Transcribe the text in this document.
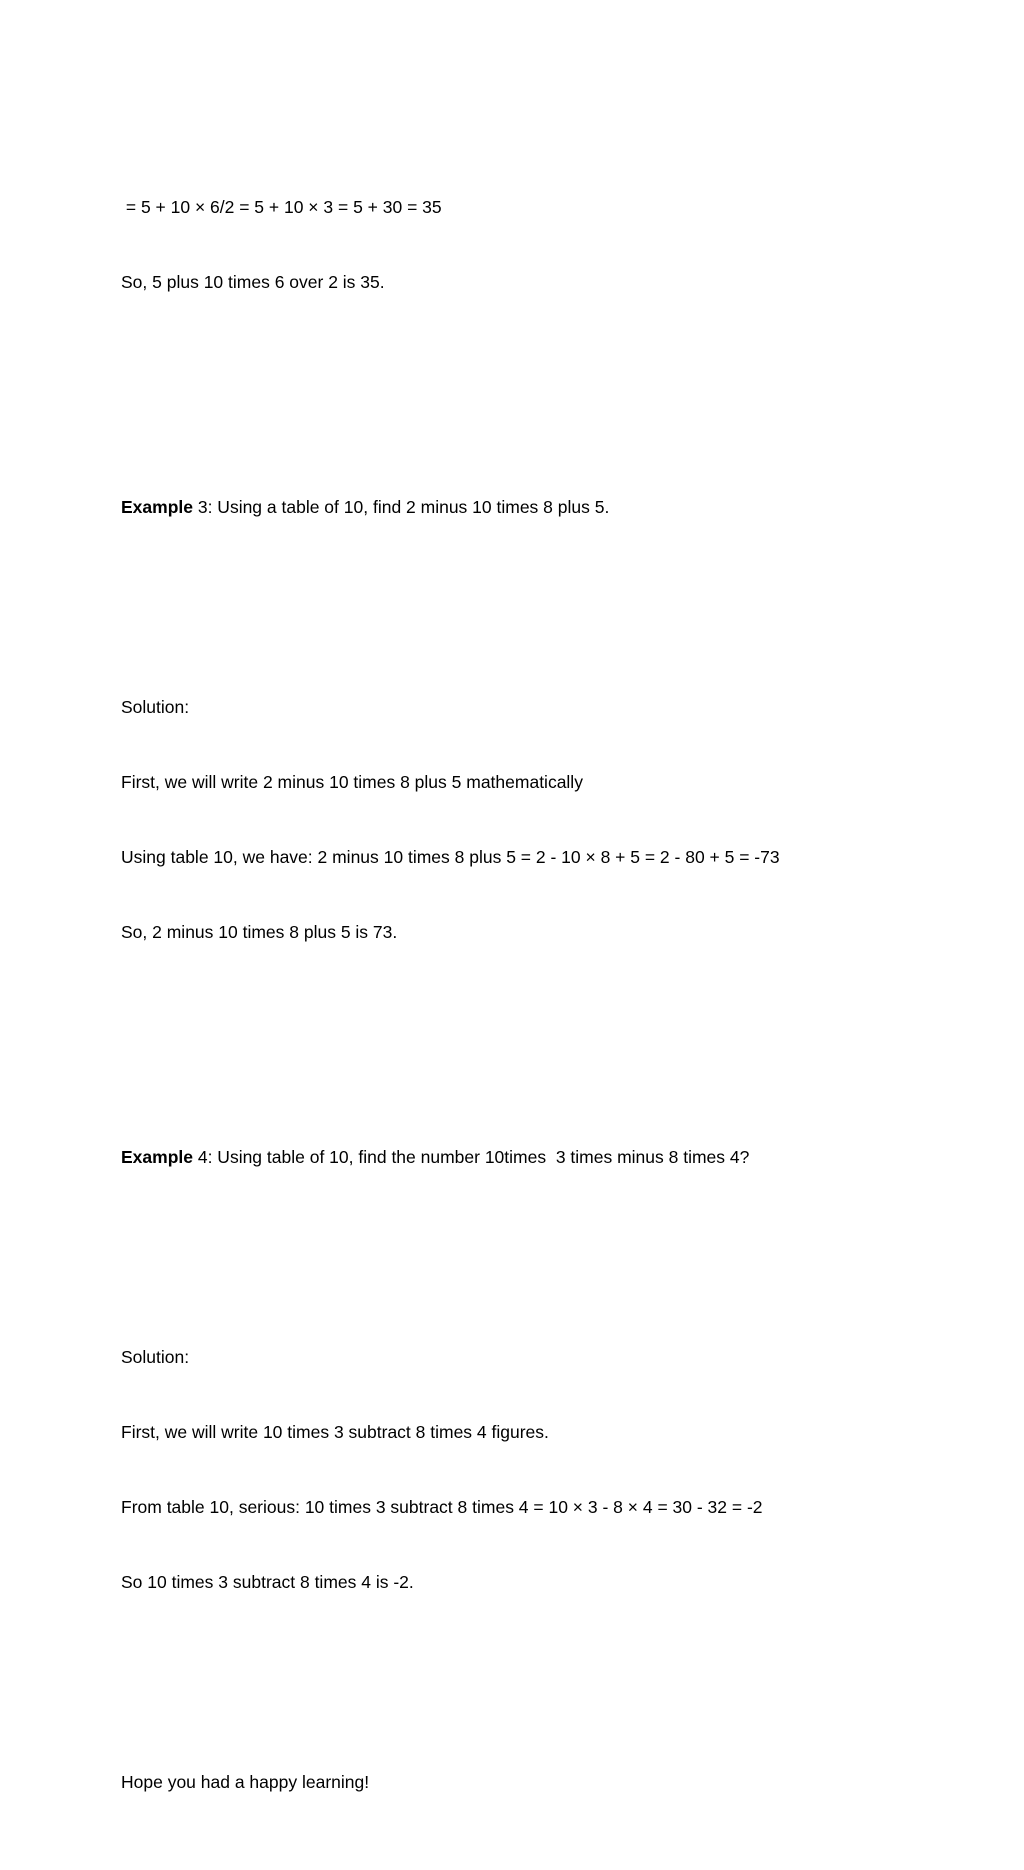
= 5 + 10 × 6/2 = 5 + 10 × 3 = 5 + 30 = 35

So, 5 plus 10 times 6 over 2 is 35.

Example 3: Using a table of 10, find 2 minus 10 times 8 plus 5.

Solution:

First, we will write 2 minus 10 times 8 plus 5 mathematically

Using table 10, we have: 2 minus 10 times 8 plus 5 = 2 - 10 × 8 + 5 = 2 - 80 + 5 = -73

So, 2 minus 10 times 8 plus 5 is 73.

Example 4: Using table of 10, find the number 10times  3 times minus 8 times 4?

Solution:

First, we will write 10 times 3 subtract 8 times 4 figures.

From table 10, serious: 10 times 3 subtract 8 times 4 = 10 × 3 - 8 × 4 = 30 - 32 = -2

So 10 times 3 subtract 8 times 4 is -2.

Hope you had a happy learning!
